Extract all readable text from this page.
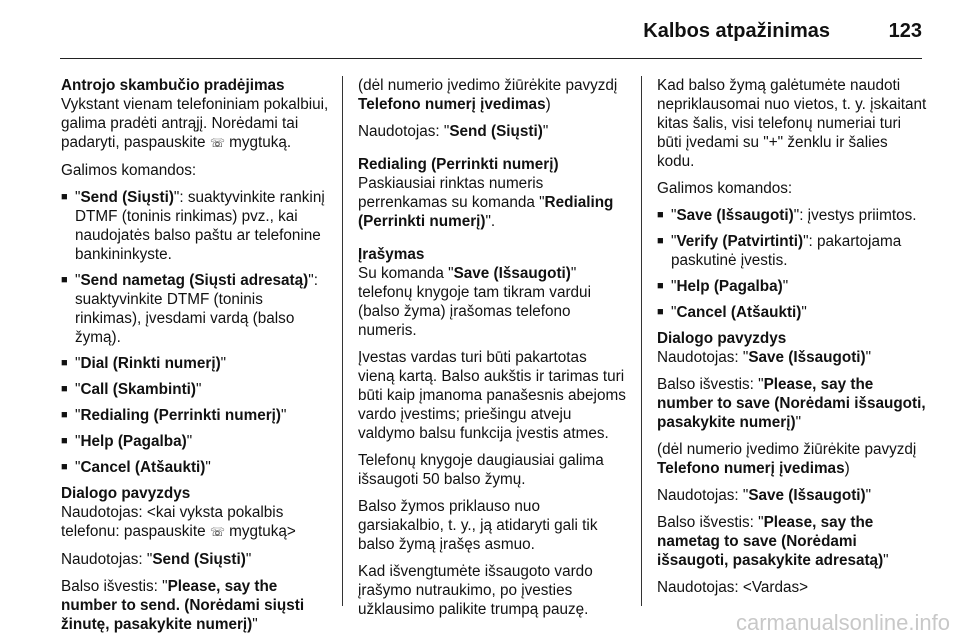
Kalbos atpažinimas	123

Antrojo skambučio pradėjimas

Vykstant vienam telefoniniam pokalbiui, galima pradėti antrąjį. Norėdami tai padaryti, paspauskite ☏ mygtuką.

Galimos komandos:

■ "Send (Siųsti)": suaktyvinkite rankinį DTMF (toninis rinkimas) pvz., kai naudojatės balso paštu ar telefonine bankininkyste.
■ "Send nametag (Siųsti adresatą)": suaktyvinkite DTMF (toninis rinkimas), įvesdami vardą (balso žymą).
■ "Dial (Rinkti numerį)"
■ "Call (Skambinti)"
■ "Redialing (Perrinkti numerį)"
■ "Help (Pagalba)"
■ "Cancel (Atšaukti)"

Dialogo pavyzdys

Naudotojas: <kai vyksta pokalbis telefonu: paspauskite ☏ mygtuką>

Naudotojas: "Send (Siųsti)"

Balso išvestis: "Please, say the number to send. (Norėdami siųsti žinutę, pasakykite numerį)"

(dėl numerio įvedimo žiūrėkite pavyzdį Telefono numerį įvedimas)

Naudotojas: "Send (Siųsti)"

Redialing (Perrinkti numerį)

Paskiausiai rinktas numeris perrenkamas su komanda "Redialing (Perrinkti numerį)".

Įrašymas

Su komanda "Save (Išsaugoti)" telefonų knygoje tam tikram vardui (balso žyma) įrašomas telefono numeris.

Įvestas vardas turi būti pakartotas vieną kartą. Balso aukštis ir tarimas turi būti kaip įmanoma panašesnis abejoms vardo įvestims; priešingu atveju valdymo balsu funkcija įvestis atmes.

Telefonų knygoje daugiausiai galima išsaugoti 50 balso žymų.

Balso žymos priklauso nuo garsiakalbio, t. y., ją atidaryti gali tik balso žymą įrašęs asmuo.

Kad išvengtumėte išsaugoto vardo įrašymo nutraukimo, po įvesties užklausimo palikite trumpą pauzę.

Kad balso žymą galėtumėte naudoti nepriklausomai nuo vietos, t. y. įskaitant kitas šalis, visi telefonų numeriai turi būti įvedami su "+" ženklu ir šalies kodu.

Galimos komandos:

■ "Save (Išsaugoti)": įvestys priimtos.
■ "Verify (Patvirtinti)": pakartojama paskutinė įvestis.
■ "Help (Pagalba)"
■ "Cancel (Atšaukti)"

Dialogo pavyzdys

Naudotojas: "Save (Išsaugoti)"

Balso išvestis: "Please, say the number to save (Norėdami išsaugoti, pasakykite numerį)"

(dėl numerio įvedimo žiūrėkite pavyzdį Telefono numerį įvedimas)

Naudotojas: "Save (Išsaugoti)"

Balso išvestis: "Please, say the nametag to save (Norėdami išsaugoti, pasakykite adresatą)"

Naudotojas: <Vardas>

carmanualsonline.info
